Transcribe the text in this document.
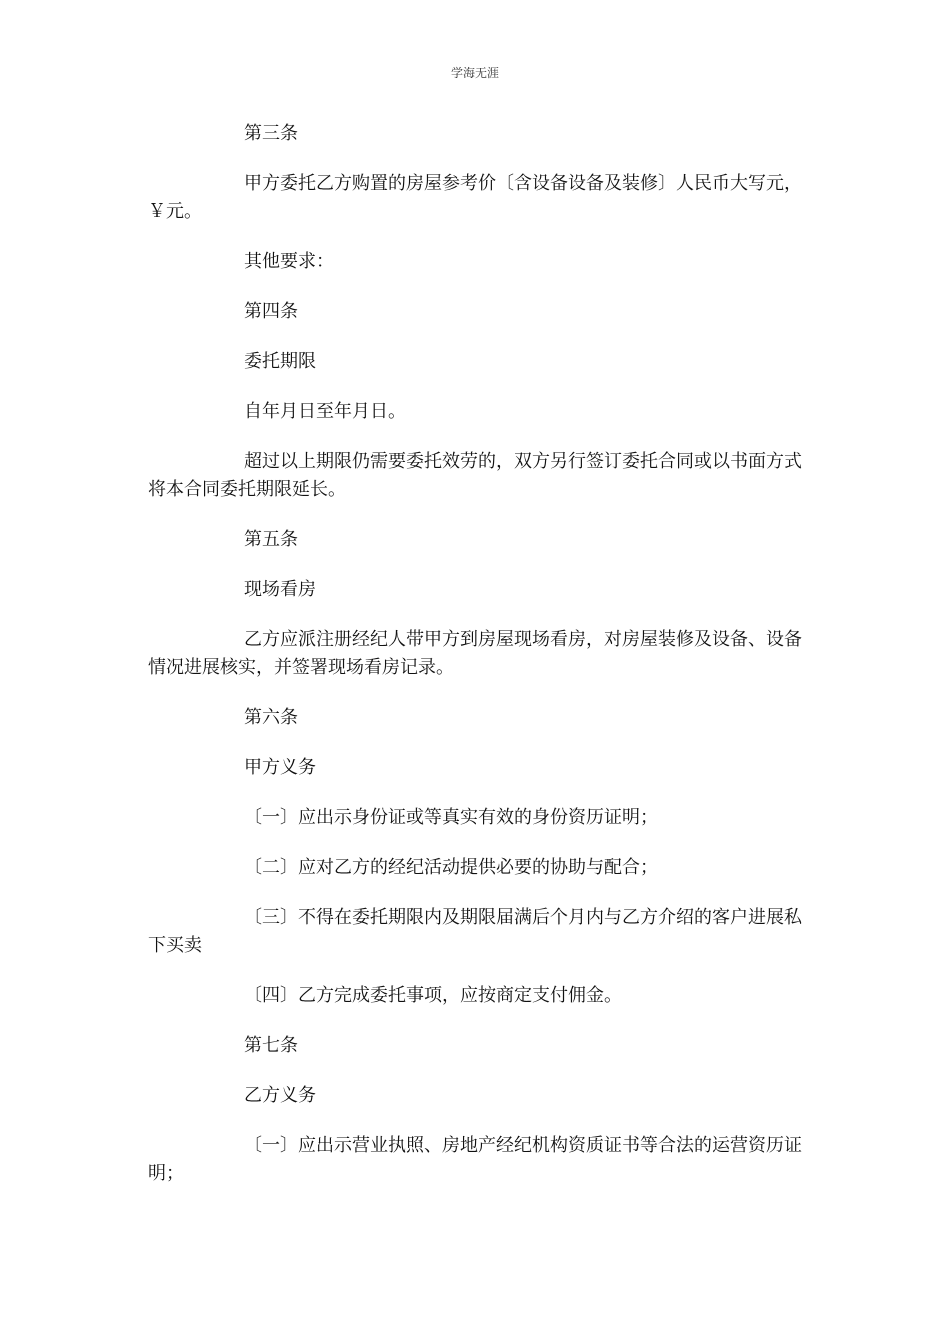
学海无涯

第三条

甲方委托乙方购置的房屋参考价〔含设备设备及装修〕人民币大写元，￥元。

其他要求：

第四条

委托期限

自年月日至年月日。

超过以上期限仍需要委托效劳的，双方另行签订委托合同或以书面方式将本合同委托期限延长。

第五条

现场看房

乙方应派注册经纪人带甲方到房屋现场看房，对房屋装修及设备、设备情况进展核实，并签署现场看房记录。

第六条

甲方义务

〔一〕应出示身份证或等真实有效的身份资历证明；

〔二〕应对乙方的经纪活动提供必要的协助与配合；

〔三〕不得在委托期限内及期限届满后个月内与乙方介绍的客户进展私下买卖

〔四〕乙方完成委托事项，应按商定支付佣金。

第七条

乙方义务

〔一〕应出示营业执照、房地产经纪机构资质证书等合法的运营资历证明；
